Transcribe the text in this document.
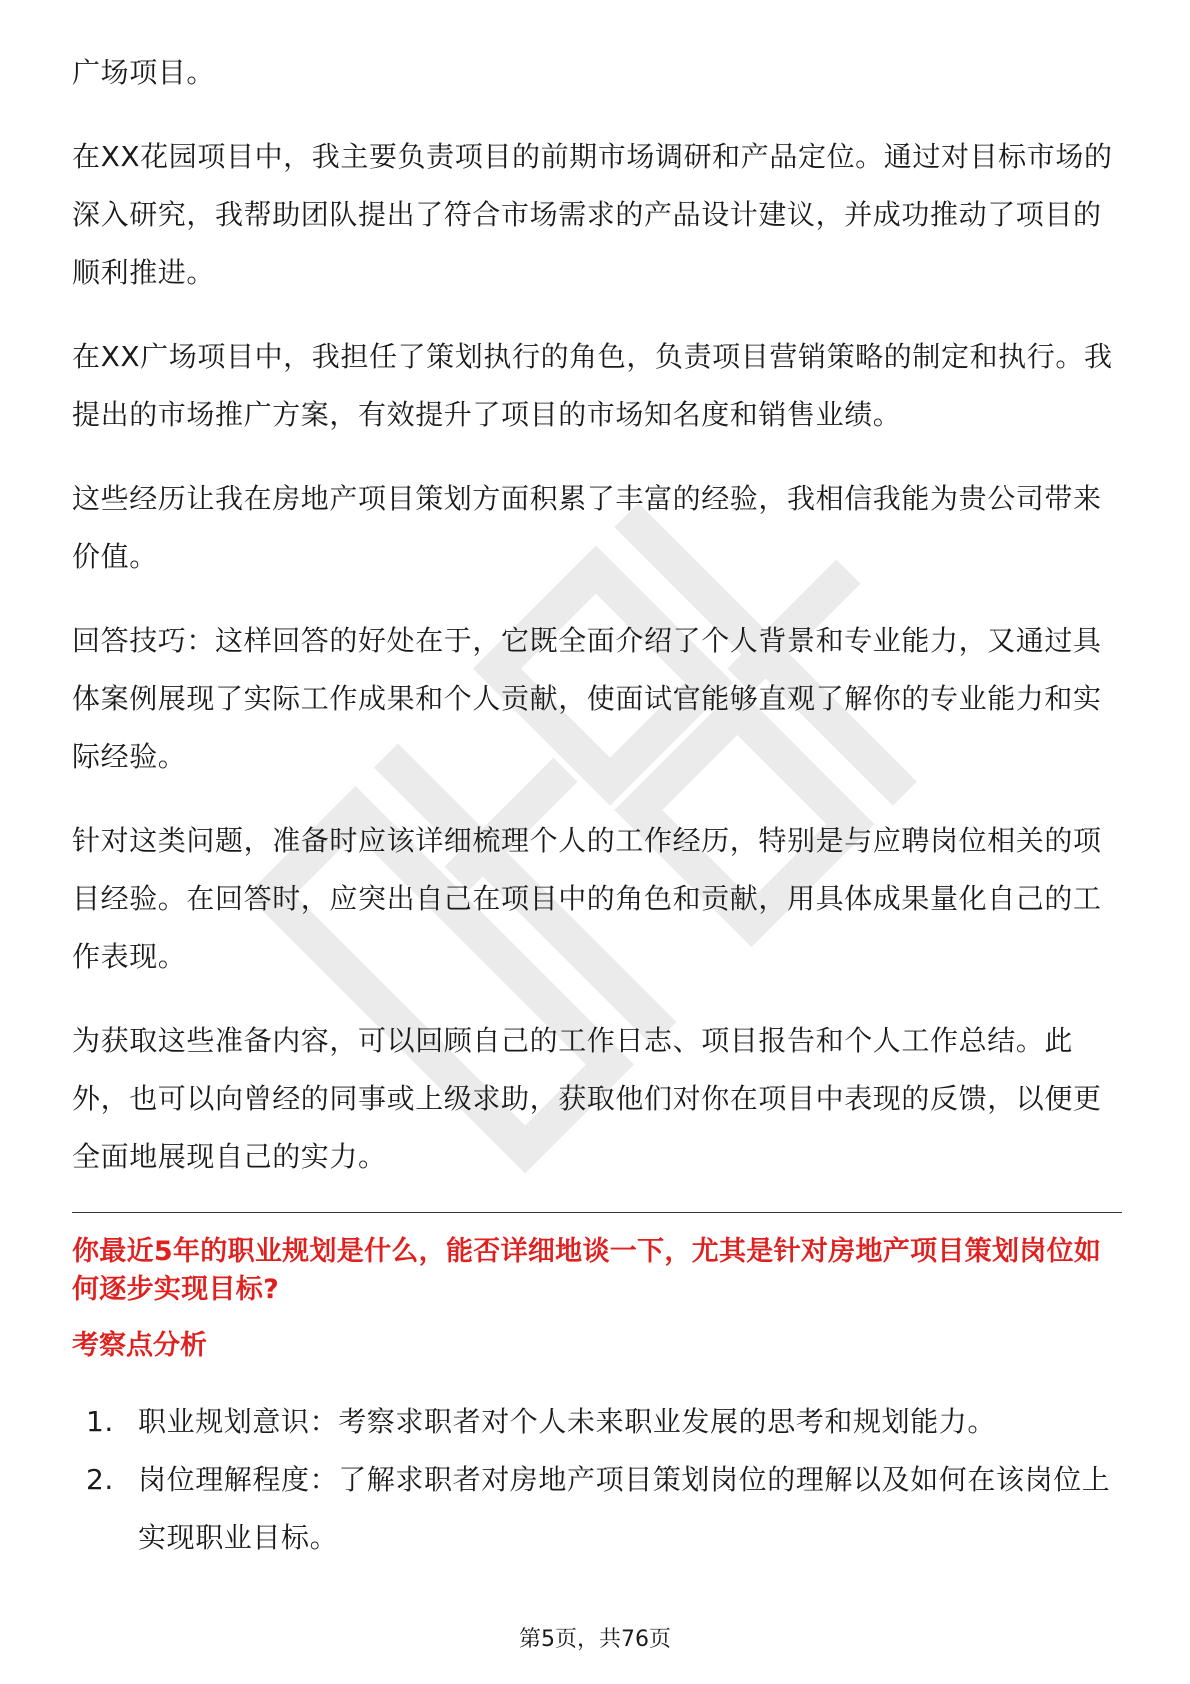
广场项目。

在XX花园项目中，我主要负责项目的前期市场调研和产品定位。通过对目标市场的深入研究，我帮助团队提出了符合市场需求的产品设计建议，并成功推动了项目的顺利推进。

在XX广场项目中，我担任了策划执行的角色，负责项目营销策略的制定和执行。我提出的市场推广方案，有效提升了项目的市场知名度和销售业绩。

这些经历让我在房地产项目策划方面积累了丰富的经验，我相信我能为贵公司带来价值。

回答技巧：这样回答的好处在于，它既全面介绍了个人背景和专业能力，又通过具体案例展现了实际工作成果和个人贡献，使面试官能够直观了解你的专业能力和实际经验。

针对这类问题，准备时应该详细梳理个人的工作经历，特别是与应聘岗位相关的项目经验。在回答时，应突出自己在项目中的角色和贡献，用具体成果量化自己的工作表现。

为获取这些准备内容，可以回顾自己的工作日志、项目报告和个人工作总结。此外，也可以向曾经的同事或上级求助，获取他们对你在项目中表现的反馈，以便更全面地展现自己的实力。

你最近5年的职业规划是什么，能否详细地谈一下，尤其是针对房地产项目策划岗位如何逐步实现目标?
考察点分析
1. 职业规划意识：考察求职者对个人未来职业发展的思考和规划能力。
2. 岗位理解程度：了解求职者对房地产项目策划岗位的理解以及如何在该岗位上实现职业目标。
第5页，共76页
